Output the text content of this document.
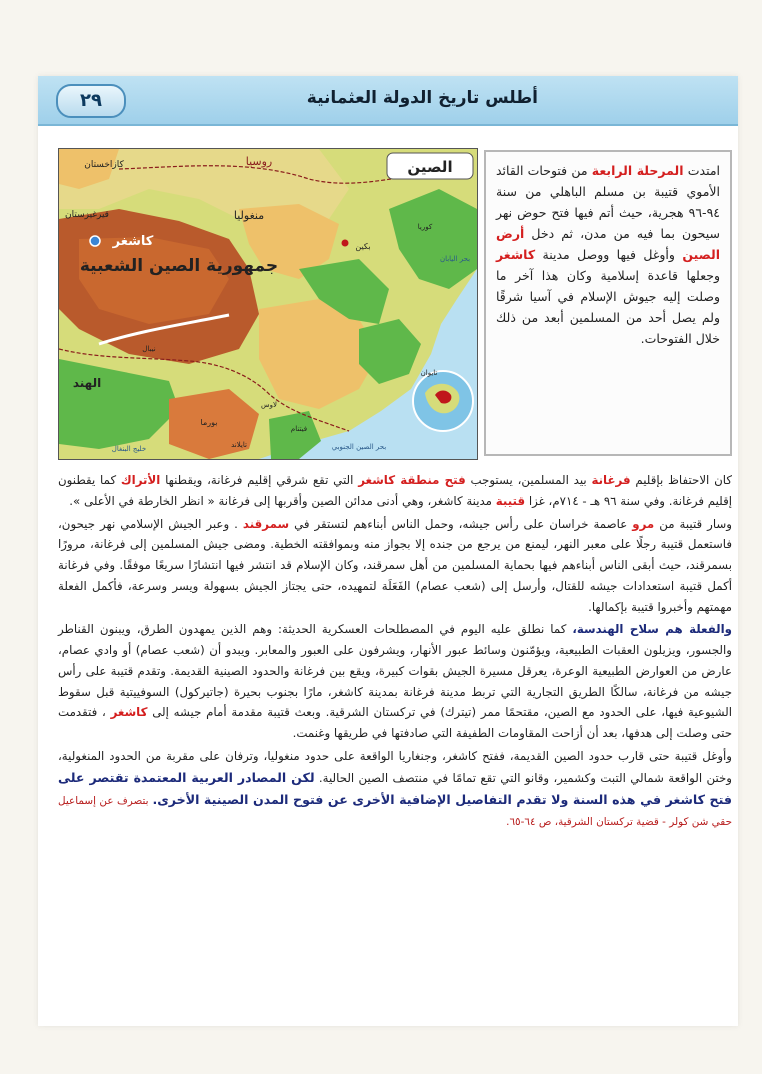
أطلس تاريخ الدولة العثمانية
٢٩
الصين
جمهورية الصين الشعبية
روسيا
كازاخستان
قيرغيزستان	منغوليا
كاشغر	بكين
الهند
بحر اليابان
بحر الصين الجنوبي
خليج البنغال
بورما
لاوس
تايلاند
فيتنام
تايوان
نيبال
كوريا
امتدت المرحلة الرابعة من فتوحات القائد الأموي قتيبة بن مسلم الباهلي من سنة ٩٤-٩٦ هجرية، حيث أتم فيها فتح حوض نهر سيحون بما فيه من مدن، ثم دخل أرض الصين وأوغل فيها ووصل مدينة كاشغر وجعلها قاعدة إسلامية وكان هذا آخر ما وصلت إليه جيوش الإسلام في آسيا شرقًا ولم يصل أحد من المسلمين أبعد من ذلك خلال الفتوحات.

كان الاحتفاظ بإقليم فرغانة بيد المسلمين، يستوجب فتح منطقة كاشغر التي تقع شرقي إقليم فرغانة، ويقطنها الأتراك كما يقطنون إقليم فرغانة. وفي سنة ٩٦ هـ - ٧١٤م، غزا قتيبة مدينة كاشغر، وهي أدنى مدائن الصين وأقربها إلى فرغانة « انظر الخارطة في الأعلى ».

وسار قتيبة من مرو عاصمة خراسان على رأس جيشه، وحمل الناس أبناءهم لتستقر في سمرقند . وعبر الجيش الإسلامي نهر جيحون، فاستعمل قتيبة رجلًا على معبر النهر، ليمنع من يرجع من جنده إلا بجواز منه وبموافقته الخطية. ومضى جيش المسلمين إلى فرغانة، مرورًا بسمرقند، حيث أبقى الناس أبناءهم فيها بحماية المسلمين من أهل سمرقند، وكان الإسلام قد انتشر فيها انتشارًا سريعًا موفقًا. وفي فرغانة أكمل قتيبة استعدادات جيشه للقتال، وأرسل إلى (شعب عصام) الفَعَلَة لتمهيده، حتى يجتاز الجيش بسهولة ويسر وسرعة، فأكمل الفعلة مهمتهم وأخبروا قتيبة بإكمالها.

والفعلة هم سلاح الهندسة، كما نطلق عليه اليوم في المصطلحات العسكرية الحديثة: وهم الذين يمهدون الطرق، ويبنون القناطر والجسور، ويزيلون العقبات الطبيعية، ويؤمّنون وسائط عبور الأنهار، ويشرفون على العبور والمعابر. ويبدو أن (شعب عصام) أو وادي عصام، عارض من العوارض الطبيعية الوعرة، يعرقل مسيرة الجيش بقوات كبيرة، ويقع بين فرغانة والحدود الصينية القديمة. وتقدم قتيبة على رأس جيشه من فرغانة، سالكًا الطريق التجارية التي تربط مدينة فرغانة بمدينة كاشغر، مارًا بجنوب بحيرة (جاتيركول) السوفييتية قبل سقوط الشيوعية فيها، على الحدود مع الصين، مقتحمًا ممر (تيترك) في تركستان الشرقية. وبعث قتيبة مقدمة أمام جيشه إلى كاشغر ، فتقدمت حتى وصلت إلى هدفها، بعد أن أزاحت المقاومات الطفيفة التي صادفتها في طريقها وغنمت.

وأوغل قتيبة حتى قارب حدود الصين القديمة، ففتح كاشغر، وجنغاريا الواقعة على حدود منغوليا، وترفان على مقربة من الحدود المنغولية، وختن الواقعة شمالي التبت وكشمير، وقانو التي تقع تمامًا في منتصف الصين الحالية. لكن المصادر العربية المعتمدة تقتصر على فتح كاشغر في هذه السنة ولا تقدم التفاصيل الإضافية الأخرى عن فتوح المدن الصينية الأخرى. بتصرف عن إسماعيل حقي شن كولر - قضية تركستان الشرقية، ص ٦٤-٦٥.
